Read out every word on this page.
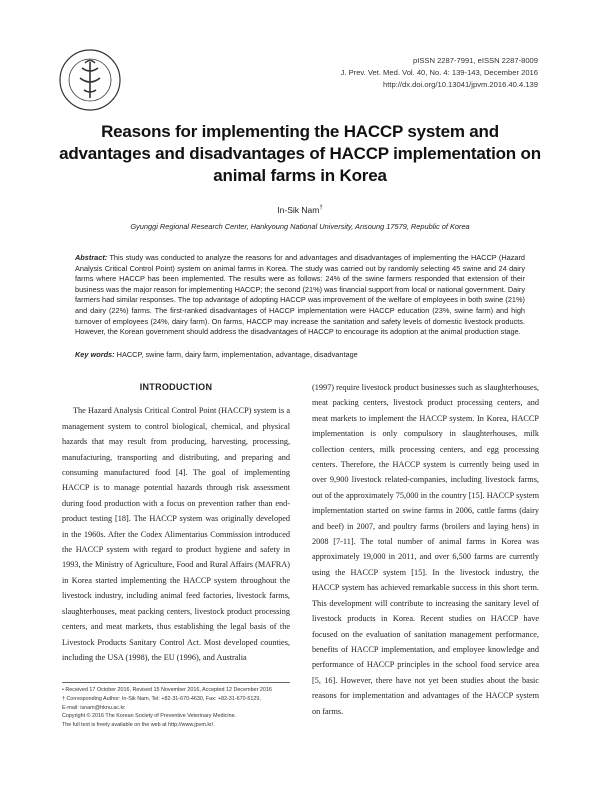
pISSN 2287-7991, eISSN 2287-8009
J. Prev. Vet. Med. Vol. 40, No. 4: 139-143, December 2016
http://dx.doi.org/10.13041/jpvm.2016.40.4.139
Reasons for implementing the HACCP system and
advantages and disadvantages of HACCP implementation on
animal farms in Korea
In-Sik Nam†
Gyunggi Regional Research Center, Hankyoung National University, Ansoung 17579, Republic of Korea
Abstract: This study was conducted to analyze the reasons for and advantages and disadvantages of implementing the HACCP (Hazard Analysis Critical Control Point) system on animal farms in Korea. The study was carried out by randomly selecting 45 swine and 24 dairy farms where HACCP has been implemented. The results were as follows: 24% of the swine farmers responded that extension of their business was the major reason for implementing HACCP; the second (21%) was financial support from local or national government. Dairy farmers had similar responses. The top advantage of adopting HACCP was improvement of the welfare of employees in both swine (21%) and dairy (22%) farms. The first-ranked disadvantages of HACCP implementation were HACCP education (23%, swine farm) and high turnover of employees (24%, dairy farm). On farms, HACCP may increase the sanitation and safety levels of domestic livestock products. However, the Korean government should address the disadvantages of HACCP to encourage its adoption at the animal production stage.
Key words: HACCP, swine farm, dairy farm, implementation, advantage, disadvantage
INTRODUCTION

The Hazard Analysis Critical Control Point (HACCP) system is a management system to control biological, chemical, and physical hazards that may result from producing, harvesting, processing, manufacturing, transporting and distributing, and preparing and consuming manufactured food [4]. The goal of implementing HACCP is to manage potential hazards through risk assessment during food production with a focus on prevention rather than end-product testing [18]. The HACCP system was originally developed in the 1960s. After the Codex Alimentarius Commission introduced the HACCP system with regard to product hygiene and safety in 1993, the Ministry of Agriculture, Food and Rural Affairs (MAFRA) in Korea started implementing the HACCP system throughout the livestock industry, including animal feed factories, livestock farms, slaughterhouses, meat packing centers, livestock product processing centers, and meat markets, thus establishing the legal basis of the Livestock Products Sanitary Control Act. Most developed counties, including the USA (1998), the EU (1996), and Australia

(1997) require livestock product businesses such as slaughterhouses, meat packing centers, livestock product processing centers, and meat markets to implement the HACCP system. In Korea, HACCP implementation is only compulsory in slaughterhouses, milk collection centers, milk processing centers, and egg processing centers. Therefore, the HACCP system is currently being used in over 9,900 livestock related-companies, including livestock farms, out of the approximately 75,000 in the country [15]. HACCP system implementation started on swine farms in 2006, cattle farms (dairy and beef) in 2007, and poultry farms (broilers and laying hens) in 2008 [7-11]. The total number of animal farms in Korea was approximately 19,000 in 2011, and over 6,500 farms are currently using the HACCP system [15]. In the livestock industry, the HACCP system has achieved remarkable success in this short term. This development will contribute to increasing the sanitary level of livestock products in Korea. Recent studies on HACCP have focused on the evaluation of sanitation management performance, benefits of HACCP implementation, and employee knowledge and performance of HACCP principles in the school food service area [5, 16]. However, there have not yet been studies about the basic reasons for implementation and advantages of the HACCP system on farms.

• Received 17 October 2016, Revised 15 November 2016, Accepted 12 December 2016
† Corresponding Author: In-Sik Nam, Tel: +82-31-670-4630, Fax: +82-31-670-5129,
E-mail: isnam@hknu.ac.kr
Copyright © 2016 The Korean Society of Preventive Veterinary Medicine.
The full text is freely available on the web at http://www.jpvm.kr/.
